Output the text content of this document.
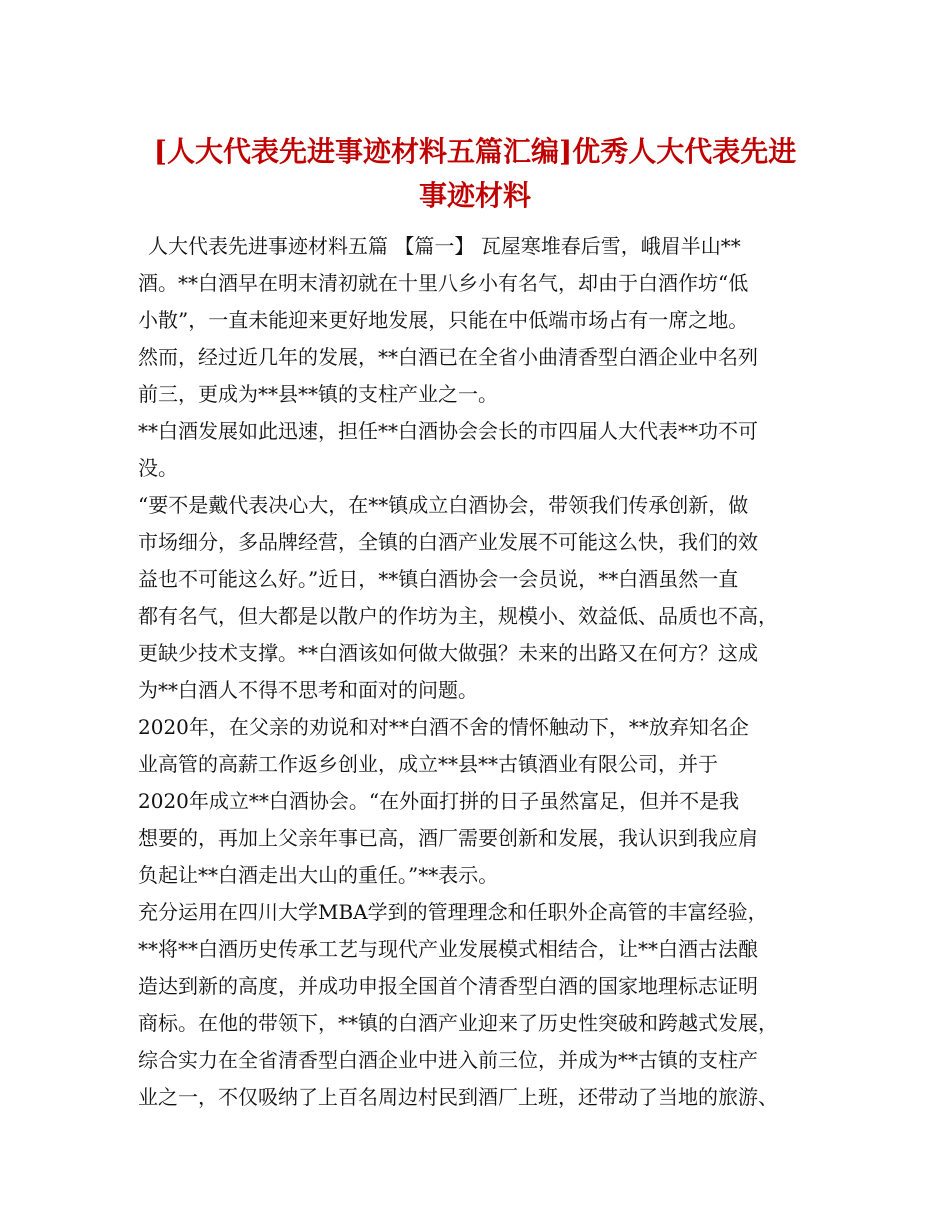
[人大代表先进事迹材料五篇汇编]优秀人大代表先进
事迹材料
人大代表先进事迹材料五篇 【篇一】 瓦屋寒堆春后雪，峨眉半山**
酒。**白酒早在明末清初就在十里八乡小有名气，却由于白酒作坊“低
小散”，一直未能迎来更好地发展，只能在中低端市场占有一席之地。
然而，经过近几年的发展，**白酒已在全省小曲清香型白酒企业中名列
前三，更成为**县**镇的支柱产业之一。
**白酒发展如此迅速，担任**白酒协会会长的市四届人大代表**功不可
没。
“要不是戴代表决心大，在**镇成立白酒协会，带领我们传承创新，做
市场细分，多品牌经营，全镇的白酒产业发展不可能这么快，我们的效
益也不可能这么好。”近日，**镇白酒协会一会员说，**白酒虽然一直
都有名气，但大都是以散户的作坊为主，规模小、效益低、品质也不高，
更缺少技术支撑。**白酒该如何做大做强？未来的出路又在何方？这成
为**白酒人不得不思考和面对的问题。
2020年，在父亲的劝说和对**白酒不舍的情怀触动下，**放弃知名企
业高管的高薪工作返乡创业，成立**县**古镇酒业有限公司，并于
2020年成立**白酒协会。“在外面打拼的日子虽然富足，但并不是我
想要的，再加上父亲年事已高，酒厂需要创新和发展，我认识到我应肩
负起让**白酒走出大山的重任。”**表示。
充分运用在四川大学MBA学到的管理理念和任职外企高管的丰富经验，
**将**白酒历史传承工艺与现代产业发展模式相结合，让**白酒古法酿
造达到新的高度，并成功申报全国首个清香型白酒的国家地理标志证明
商标。在他的带领下，**镇的白酒产业迎来了历史性突破和跨越式发展，
综合实力在全省清香型白酒企业中进入前三位，并成为**古镇的支柱产
业之一，不仅吸纳了上百名周边村民到酒厂上班，还带动了当地的旅游、
